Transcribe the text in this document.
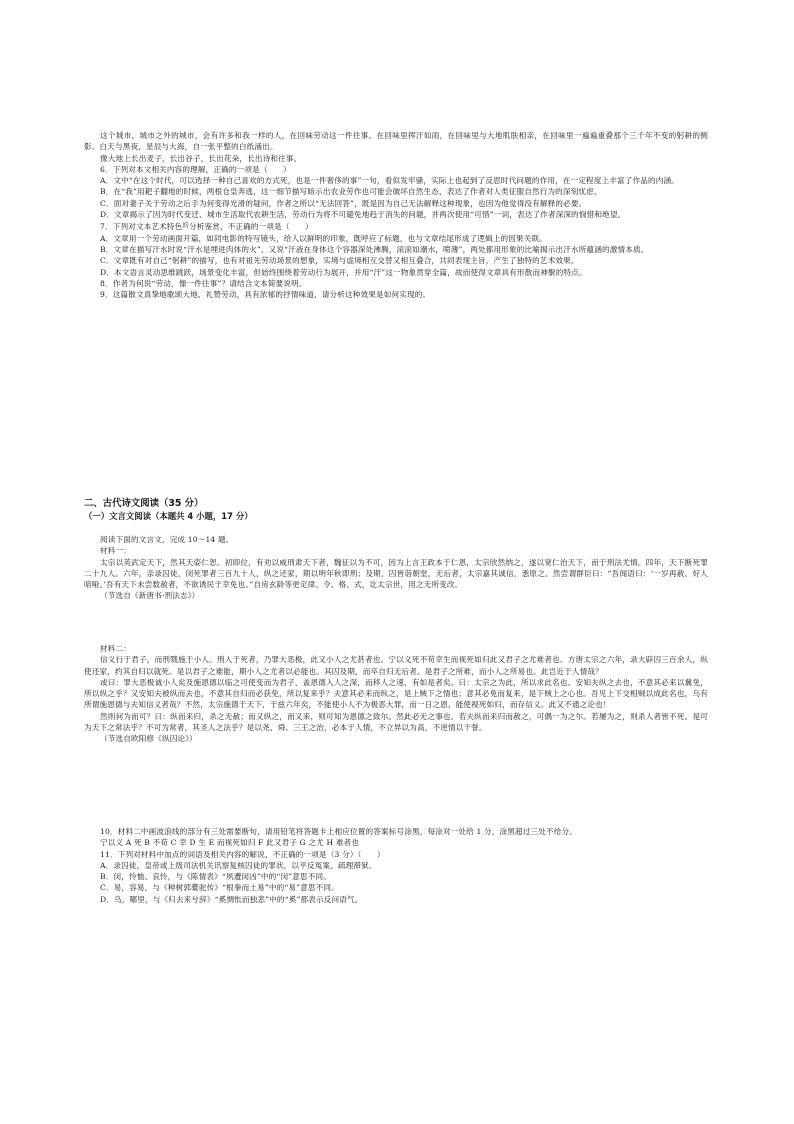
这个城市，城市之外的城市，会有许多和我一样的人，在回味劳动这一件往事。在回味里挥汗如雨，在回味里与大地肌肤相亲，在回味里一遍遍重叠那个三千年不变的躬耕的侧影。白天与黑夜，星辰与大海，自一张平整的白纸涌出。

像大地上长出麦子，长出谷子，长出花朵，长出诗和往事。

6．下列对本文相关内容的理解，正确的一项是（　　）

A．文中“在这个时代，可以选择一种自己喜欢的方式死，也是一件奢侈的事”一句，看似发牢骚，实际上也起到了反思时代问题的作用，在一定程度上丰富了作品的内涵。

B．在“我”用耙子翻地的时候，两根仓皇奔逃，这一细节描写暗示出农业劳作也可能会破坏自然生态，表达了作者对人类征服自然行为的深刻忧虑。

C．面对妻子关于劳动之后手为何变得光滑的疑问，作者之所以“无法回答”，既是因为自己无法解释这种现象，也因为他觉得没有解释的必要。

D．文章揭示了因为时代变迁、城市生活取代农耕生活，劳动行为将不可避免地趋于消失的问题，并两次使用“可惜”一词，表达了作者深深的悯惜和绝望。

7．下列对文本艺术特色$^的$分析鉴赏，不正确的一项是（　　）

A．文章用一个劳动画面开篇，如同电影的特写镜头，给人以鲜明的印象，既呼应了标题，也与文章结尾形成了逻辑上的因果关联。

B．文章在描写汗水时说“汗水是埋进肉体的火”，又说“汗液在身体这个容器深处沸腾，滚滚如潮水，喷薄”，两处都用形象的比喻揭示出汗水所蕴涵的激情本质。

C．文章既有对自己“躬耕”的描写，也有对祖先劳动场景的想象，实境与虚境相互交替又相互叠合，共同表现主旨，产生了独特的艺术效果。

D．本文语言灵动思维跳跃，场景变化丰富，但始终围绕着劳动行为展开，并用“汗”这一物象贯穿全篇，故而使得文章具有形散而神聚的特点。

8．作者为何说“劳动，像一件往事”？请结合文本简要说明。

9．这篇散文真挚地歌颂大地、礼赞劳动，具有浓郁的抒情味道，请分析这种效果是如何实现的。

二、古代诗文阅读（35 分）

（一）文言文阅读（本题共 4 小题，17 分）

阅读下面的文言文，完成 10～14 题。

材料一：

太宗以英武定天下，然其天姿仁恕。初即位，有劝以威刑肃天下者，魏征以为不可，因为上言王政本于仁恩，太宗欣然纳之，遂以宽仁治天下，而于刑法尤慎。四年，天下断死罪二十九人。六年，亲录囚徒，闵死罪者三百九十人，纵之还家，期以明年秋即刑；及期，囚皆诣朝堂，无后者，太宗嘉其诚信，悉原之。然尝谓群臣曰：“吾闻语曰：‘一岁再赦，好人喑哑。’吾有天下未尝数赦者，不欲诱民于幸免也。”自房玄龄等更定律、令、格、式，讫太宗世，用之无所变改。

（节选自《新唐书·刑法志》）

材料二：

信义行于君子，而刑戮施于小人。刑入于死者，乃罪大恶极，此又小人之尤甚者也。宁以义死不苟幸生而视死如归此又君子之尤难者也。方唐太宗之六年，录大辟囚三百余人，纵使还家，约其自归以就死。是以君子之难能，期小人之尤者以必能也。其囚及期，而卒自归无后者。是君子之所难，而小人之所易也。此岂近于人情哉？

或曰：罪大恶极诚小人矣及施恩德以临之可使变而为君子，盖恩德入人之深，而移人之速，有如是者矣。曰：太宗之为此，所以求此名也。安知夫纵之去也，不意其必来以冀免，所以纵之乎？又安知夫被纵而去也，不意其自归而必获免，所以复来乎？夫意其必来而纵之，是上贼下之情也；意其必免而复来，是下贼上之心也。吾见上下交相贼以成此名也，乌有所谓施恩德与夫知信义者哉？不然，太宗施德于天下，于兹六年矣，不能使小人不为极恶大罪，而一日之恩，能使视死如归，而存信义。此又不通之论也！

然则何为而可？曰：纵而来归，杀之无赦；而又纵之，而又来，则可知为恩德之致尔。然此必无之事也。若夫纵而来归而赦之，可偶一为之尔。若屡为之，则杀人者皆不死。是可为天下之常法乎？不可为常者，其圣人之法乎？是以尧、舜、三王之治，必本于人情，不立异以为高，不逆情以干誉。

（节选自欧阳修《纵囚论》）

10．材料二中画波浪线的部分有三处需要断句，请用铅笔将答题卡上相应位置的答案标号涂黑，每涂对一处给 1 分，涂黑超过三处不给分。

宁以义 A 死 B 不苟 C 幸 D 生 E 而视死如归 F 此又君子 G 之尤 H 难者也

11．下列对材料中加点的词语及相关内容的解说，不正确的一项是（3 分）（　　）

A．录囚徒，皇帝或上级司法机关讯察复核囚徒的罪状，以平反冤案、疏理滞狱。

B．闵，怜恤、哀怜，与《陈情表》“夙遭闵凶”中的“闵”意思不同。

C．易，容易，与《种树郭橐驼传》“根拳而土易”中的“易”意思不同。

D．乌，哪里，与《归去来兮辞》“奚惆怅而独悲”中的“奚”都表示反问语气。
